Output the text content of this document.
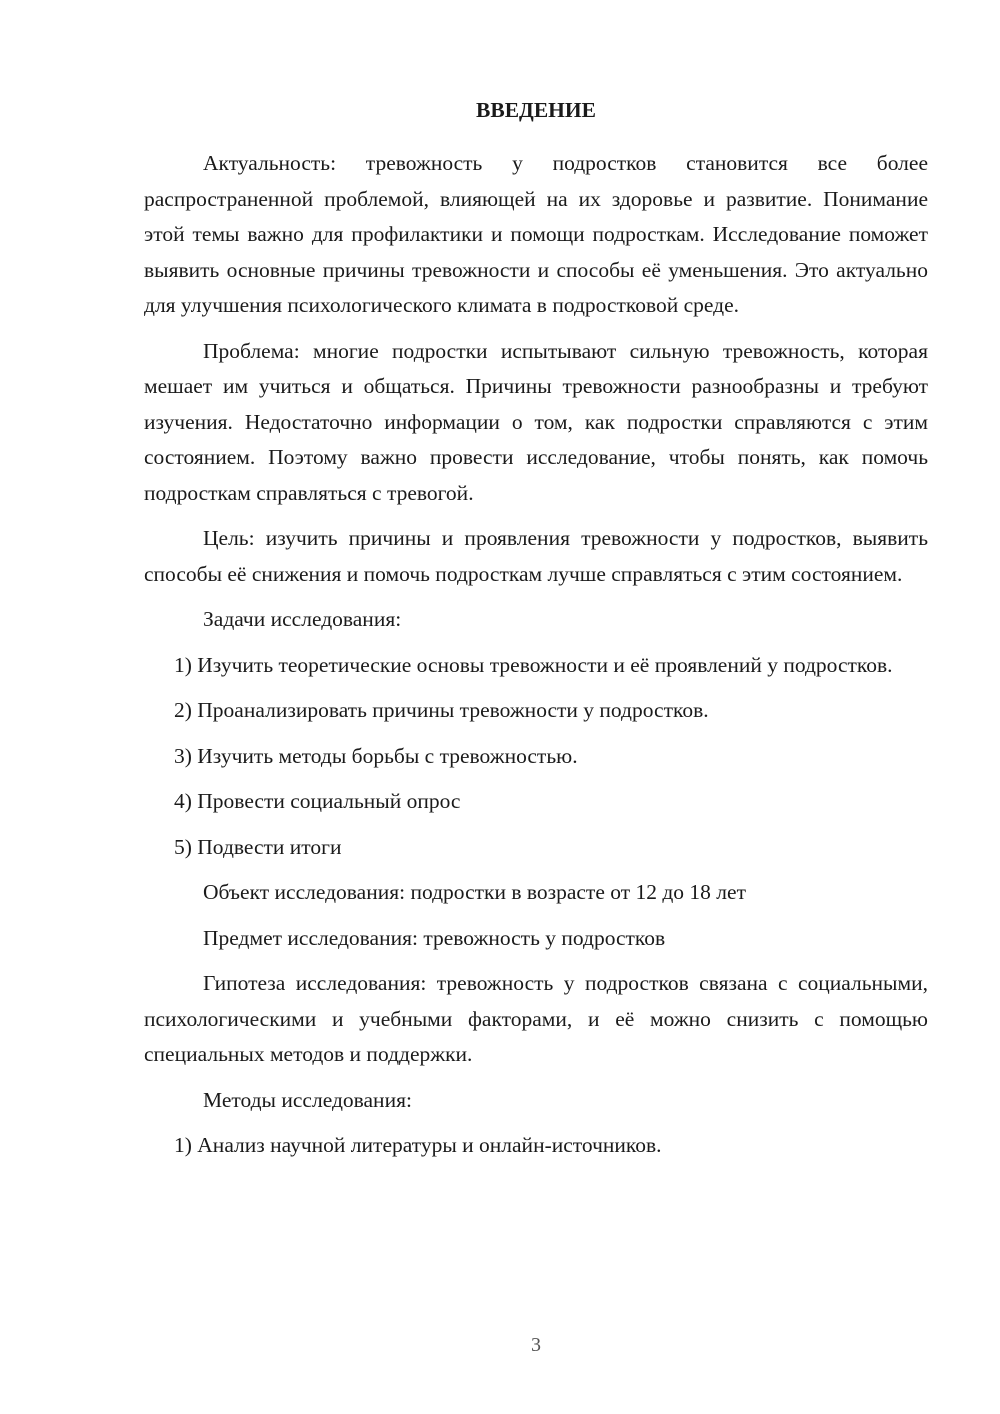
ВВЕДЕНИЕ

Актуальность: тревожность у подростков становится все более распространенной проблемой, влияющей на их здоровье и развитие. Понимание этой темы важно для профилактики и помощи подросткам. Исследование поможет выявить основные причины тревожности и способы её уменьшения. Это актуально для улучшения психологического климата в подростковой среде.

Проблема: многие подростки испытывают сильную тревожность, которая мешает им учиться и общаться. Причины тревожности разнообразны и требуют изучения. Недостаточно информации о том, как подростки справляются с этим состоянием. Поэтому важно провести исследование, чтобы понять, как помочь подросткам справляться с тревогой.

Цель: изучить причины и проявления тревожности у подростков, выявить способы её снижения и помочь подросткам лучше справляться с этим состоянием.

Задачи исследования:

1) Изучить теоретические основы тревожности и её проявлений у подростков.

2) Проанализировать причины тревожности у подростков.

3) Изучить методы борьбы с тревожностью.

4) Провести социальный опрос

5) Подвести итоги

Объект исследования: подростки в возрасте от 12 до 18 лет

Предмет исследования: тревожность у подростков

Гипотеза исследования: тревожность у подростков связана с социальными, психологическими и учебными факторами, и её можно снизить с помощью специальных методов и поддержки.

Методы исследования:

1) Анализ научной литературы и онлайн-источников.

3
